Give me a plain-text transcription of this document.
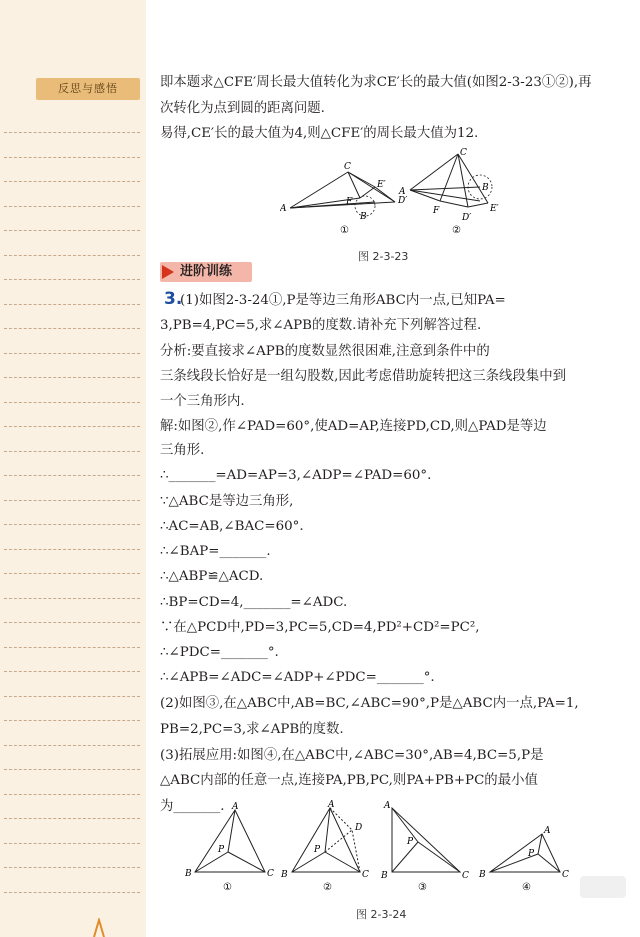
反思与感悟	即本题求△CFE′周长最大值转化为求CE′长的最大值(如图2-3-23①②),再
次转化为点到圆的距离问题.
易得,CE′长的最大值为4,则△CFE′的周长最大值为12.
A
C
E′
F	D′
B
①
A
C
B
F
D′
E′
②
图 2-3-23
进阶训练
3.
(1)如图2-3-24①,P是等边三角形ABC内一点,已知PA=
3,PB=4,PC=5,求∠APB的度数.请补充下列解答过程.
分析:要直接求∠APB的度数显然很困难,注意到条件中的
三条线段长恰好是一组勾股数,因此考虑借助旋转把这三条线段集中到
一个三角形内.
解:如图②,作∠PAD=60°,使AD=AP,连接PD,CD,则△PAD是等边
三角形.
∴_______=AD=AP=3,∠ADP=∠PAD=60°.
∵△ABC是等边三角形,
∴AC=AB,∠BAC=60°.
∴∠BAP=_______.
∴△ABP≌△ACD.
∴BP=CD=4,_______=∠ADC.
∵在△PCD中,PD=3,PC=5,CD=4,PD²+CD²=PC²,
∴∠PDC=_______°.
∴∠APB=∠ADC=∠ADP+∠PDC=_______°.
(2)如图③,在△ABC中,AB=BC,∠ABC=90°,P是△ABC内一点,PA=1,
PB=2,PC=3,求∠APB的度数.
(3)拓展应用:如图④,在△ABC中,∠ABC=30°,AB=4,BC=5,P是
△ABC内部的任意一点,连接PA,PB,PC,则PA+PB+PC的最小值
为_______. A
B	C
P
①
A
B	C
P
D
②
A
B	C
P
③
A
B	C
P
④
图 2-3-24
